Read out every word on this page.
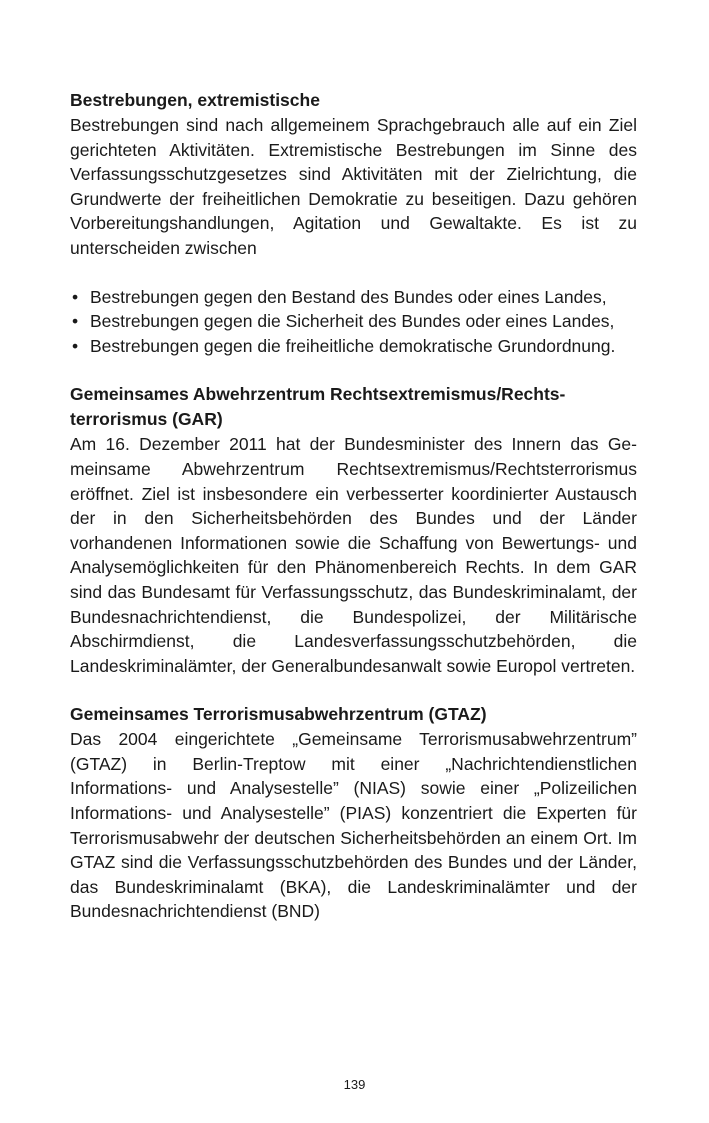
Bestrebungen, extremistische

Bestrebungen sind nach allgemeinem Sprachgebrauch alle auf ein Ziel gerichteten Aktivitäten. Extremistische Bestrebungen im Sinne des Verfassungsschutzgesetzes sind Aktivitäten mit der Zielrichtung, die Grundwerte der freiheitlichen Demokratie zu beseitigen. Dazu gehören Vorbereitungshandlungen, Agitation und Gewaltakte. Es ist zu unterscheiden zwischen

• Bestrebungen gegen den Bestand des Bundes oder eines Landes,
• Bestrebungen gegen die Sicherheit des Bundes oder eines Landes,
• Bestrebungen gegen die freiheitliche demokratische Grundordnung.

Gemeinsames Abwehrzentrum Rechtsextremismus/Rechtsterrorismus (GAR)

Am 16. Dezember 2011 hat der Bundesminister des Innern das Gemeinsame Abwehrzentrum Rechtsextremismus/Rechtsterrorismus eröffnet. Ziel ist insbesondere ein verbesserter koordinierter Austausch der in den Sicherheitsbehörden des Bundes und der Länder vorhandenen Informationen sowie die Schaffung von Bewertungs- und Analysemöglichkeiten für den Phänomenbereich Rechts. In dem GAR sind das Bundesamt für Verfassungsschutz, das Bundeskriminalamt, der Bundesnachrichtendienst, die Bundespolizei, der Militärische Abschirmdienst, die Landesverfassungsschutzbehörden, die Landeskriminalämter, der Generalbundesanwalt sowie Europol vertreten.

Gemeinsames Terrorismusabwehrzentrum (GTAZ)

Das 2004 eingerichtete „Gemeinsame Terrorismusabwehrzentrum” (GTAZ) in Berlin-Treptow mit einer „Nachrichtendienstlichen Informations- und Analysestelle” (NIAS) sowie einer „Polizeilichen Informations- und Analysestelle” (PIAS) konzentriert die Experten für Terrorismusabwehr der deutschen Sicherheitsbehörden an einem Ort. Im GTAZ sind die Verfassungsschutzbehörden des Bundes und der Länder, das Bundeskriminalamt (BKA), die Landeskriminalämter und der Bundesnachrichtendienst (BND)

139
